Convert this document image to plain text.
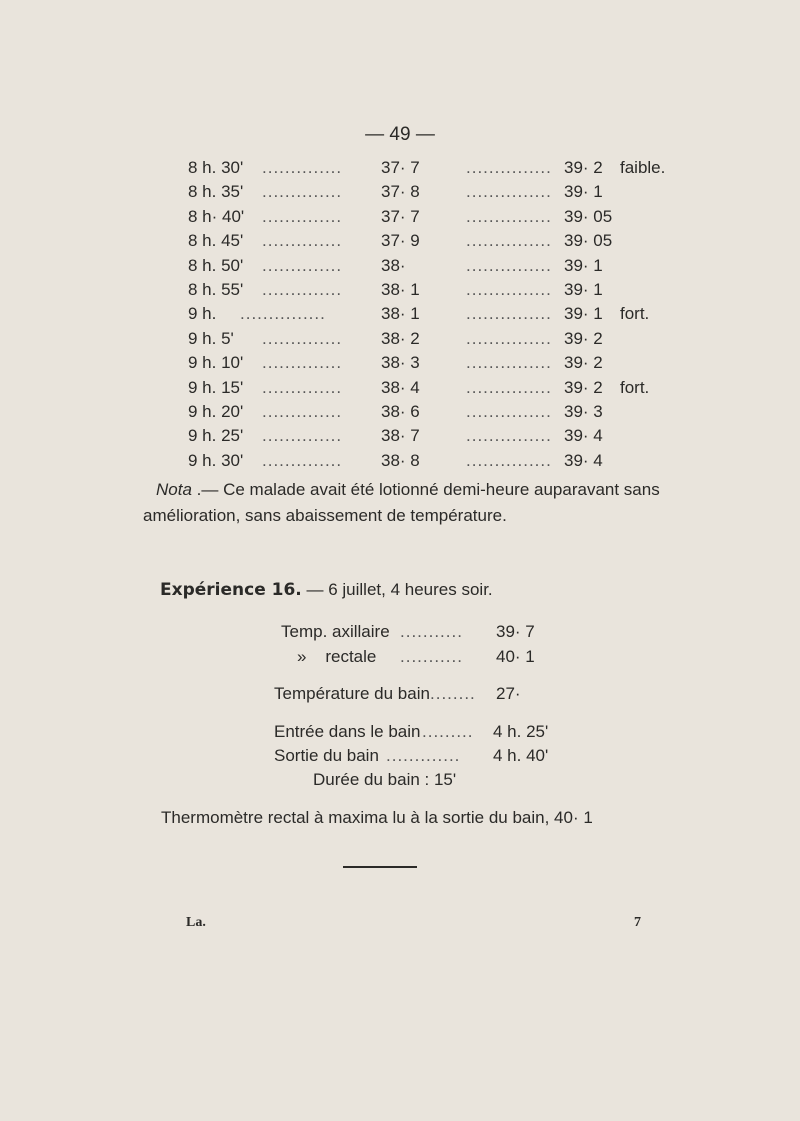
— 49 —
8 h. 30' .............. 37· 7	............... 39· 2 faible.
8 h. 35' .............. 37· 8	............... 39· 1
8 h· 40' .............. 37· 7	............... 39· 05
8 h. 45' .............. 37· 9	............... 39· 05
8 h. 50' .............. 38·	............... 39· 1
8 h. 55' .............. 38· 1	............... 39· 1
9 h. ...............	38· 1	............... 39· 1 fort.
9 h. 5' .............. 38· 2	............... 39· 2
9 h. 10' .............. 38· 3	............... 39· 2
9 h. 15' .............. 38· 4	............... 39· 2 fort.
9 h. 20' .............. 38· 6	............... 39· 3
9 h. 25' .............. 38· 7	............... 39· 4
9 h. 30' .............. 38· 8	............... 39· 4
Nota .— Ce malade avait été lotionné demi-heure auparavant sans
amélioration, sans abaissement de température.
Expérience 16. — 6 juillet, 4 heures soir.
Temp. axillaire ........... 39· 7
»    rectale ........... 40· 1
Température du bain ........ 27·
Entrée dans le bain ......... 4 h. 25'
Sortie du bain ............. 4 h. 40'
Durée du bain : 15'
Thermomètre rectal à maxima lu à la sortie du bain, 40· 1
La.	7
